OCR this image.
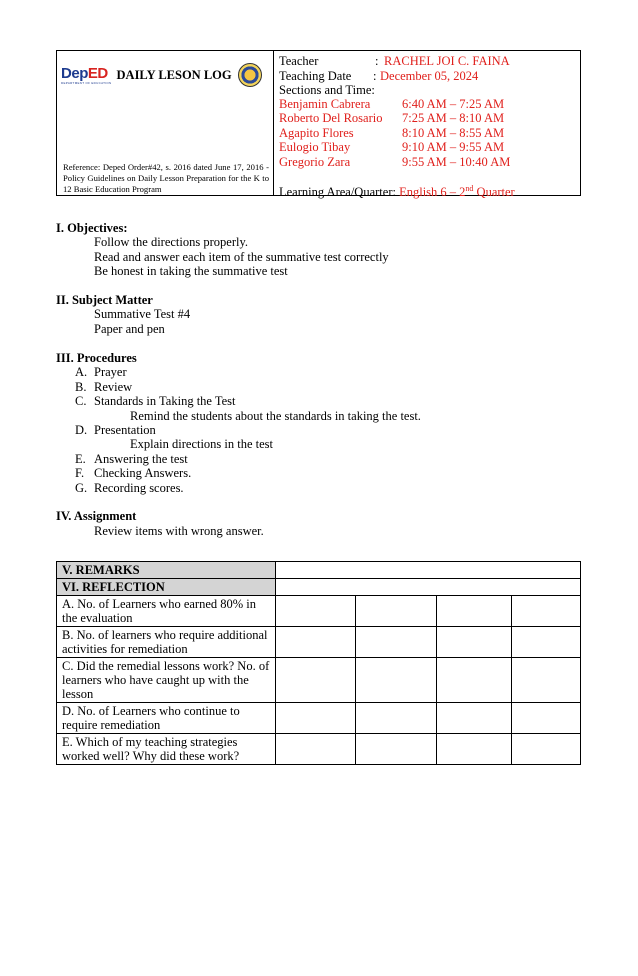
DepED
DEPARTMENT OF EDUCATION
DAILY LESON LOG
Reference: Deped Order#42, s. 2016 dated June 17, 2016 - Policy Guidelines on Daily Lesson Preparation for the K to 12 Basic Education Program
Teacher	: RACHEL JOI C. FAINA
Teaching Date : December 05, 2024
Sections and Time:
Benjamin Cabrera	6:40 AM – 7:25 AM
Roberto Del Rosario 7:25 AM – 8:10 AM
Agapito Flores	8:10 AM – 8:55 AM
Eulogio Tibay	9:10 AM – 9:55 AM
Gregorio Zara	9:55 AM – 10:40 AM
Learning Area/Quarter: English 6 – 2nd Quarter
I. Objectives:
Follow the directions properly.
Read and answer each item of the summative test correctly
Be honest in taking the summative test
II. Subject Matter
Summative Test #4
Paper and pen
III. Procedures
A. Prayer
B. Review
C. Standards in Taking the Test
Remind the students about the standards in taking the test.
D. Presentation
Explain directions in the test
E. Answering the test
F. Checking Answers.
G. Recording scores.
IV. Assignment
Review items with wrong answer.
V. REMARKS				
VI. REFLECTION				
A. No. of Learners who earned 80% in the evaluation				
B. No. of learners who require additional activities for remediation				
C. Did the remedial lessons work? No. of learners who have caught up with the lesson				
D. No. of Learners who continue to require remediation				
E. Which of my teaching strategies worked well? Why did these work?				
